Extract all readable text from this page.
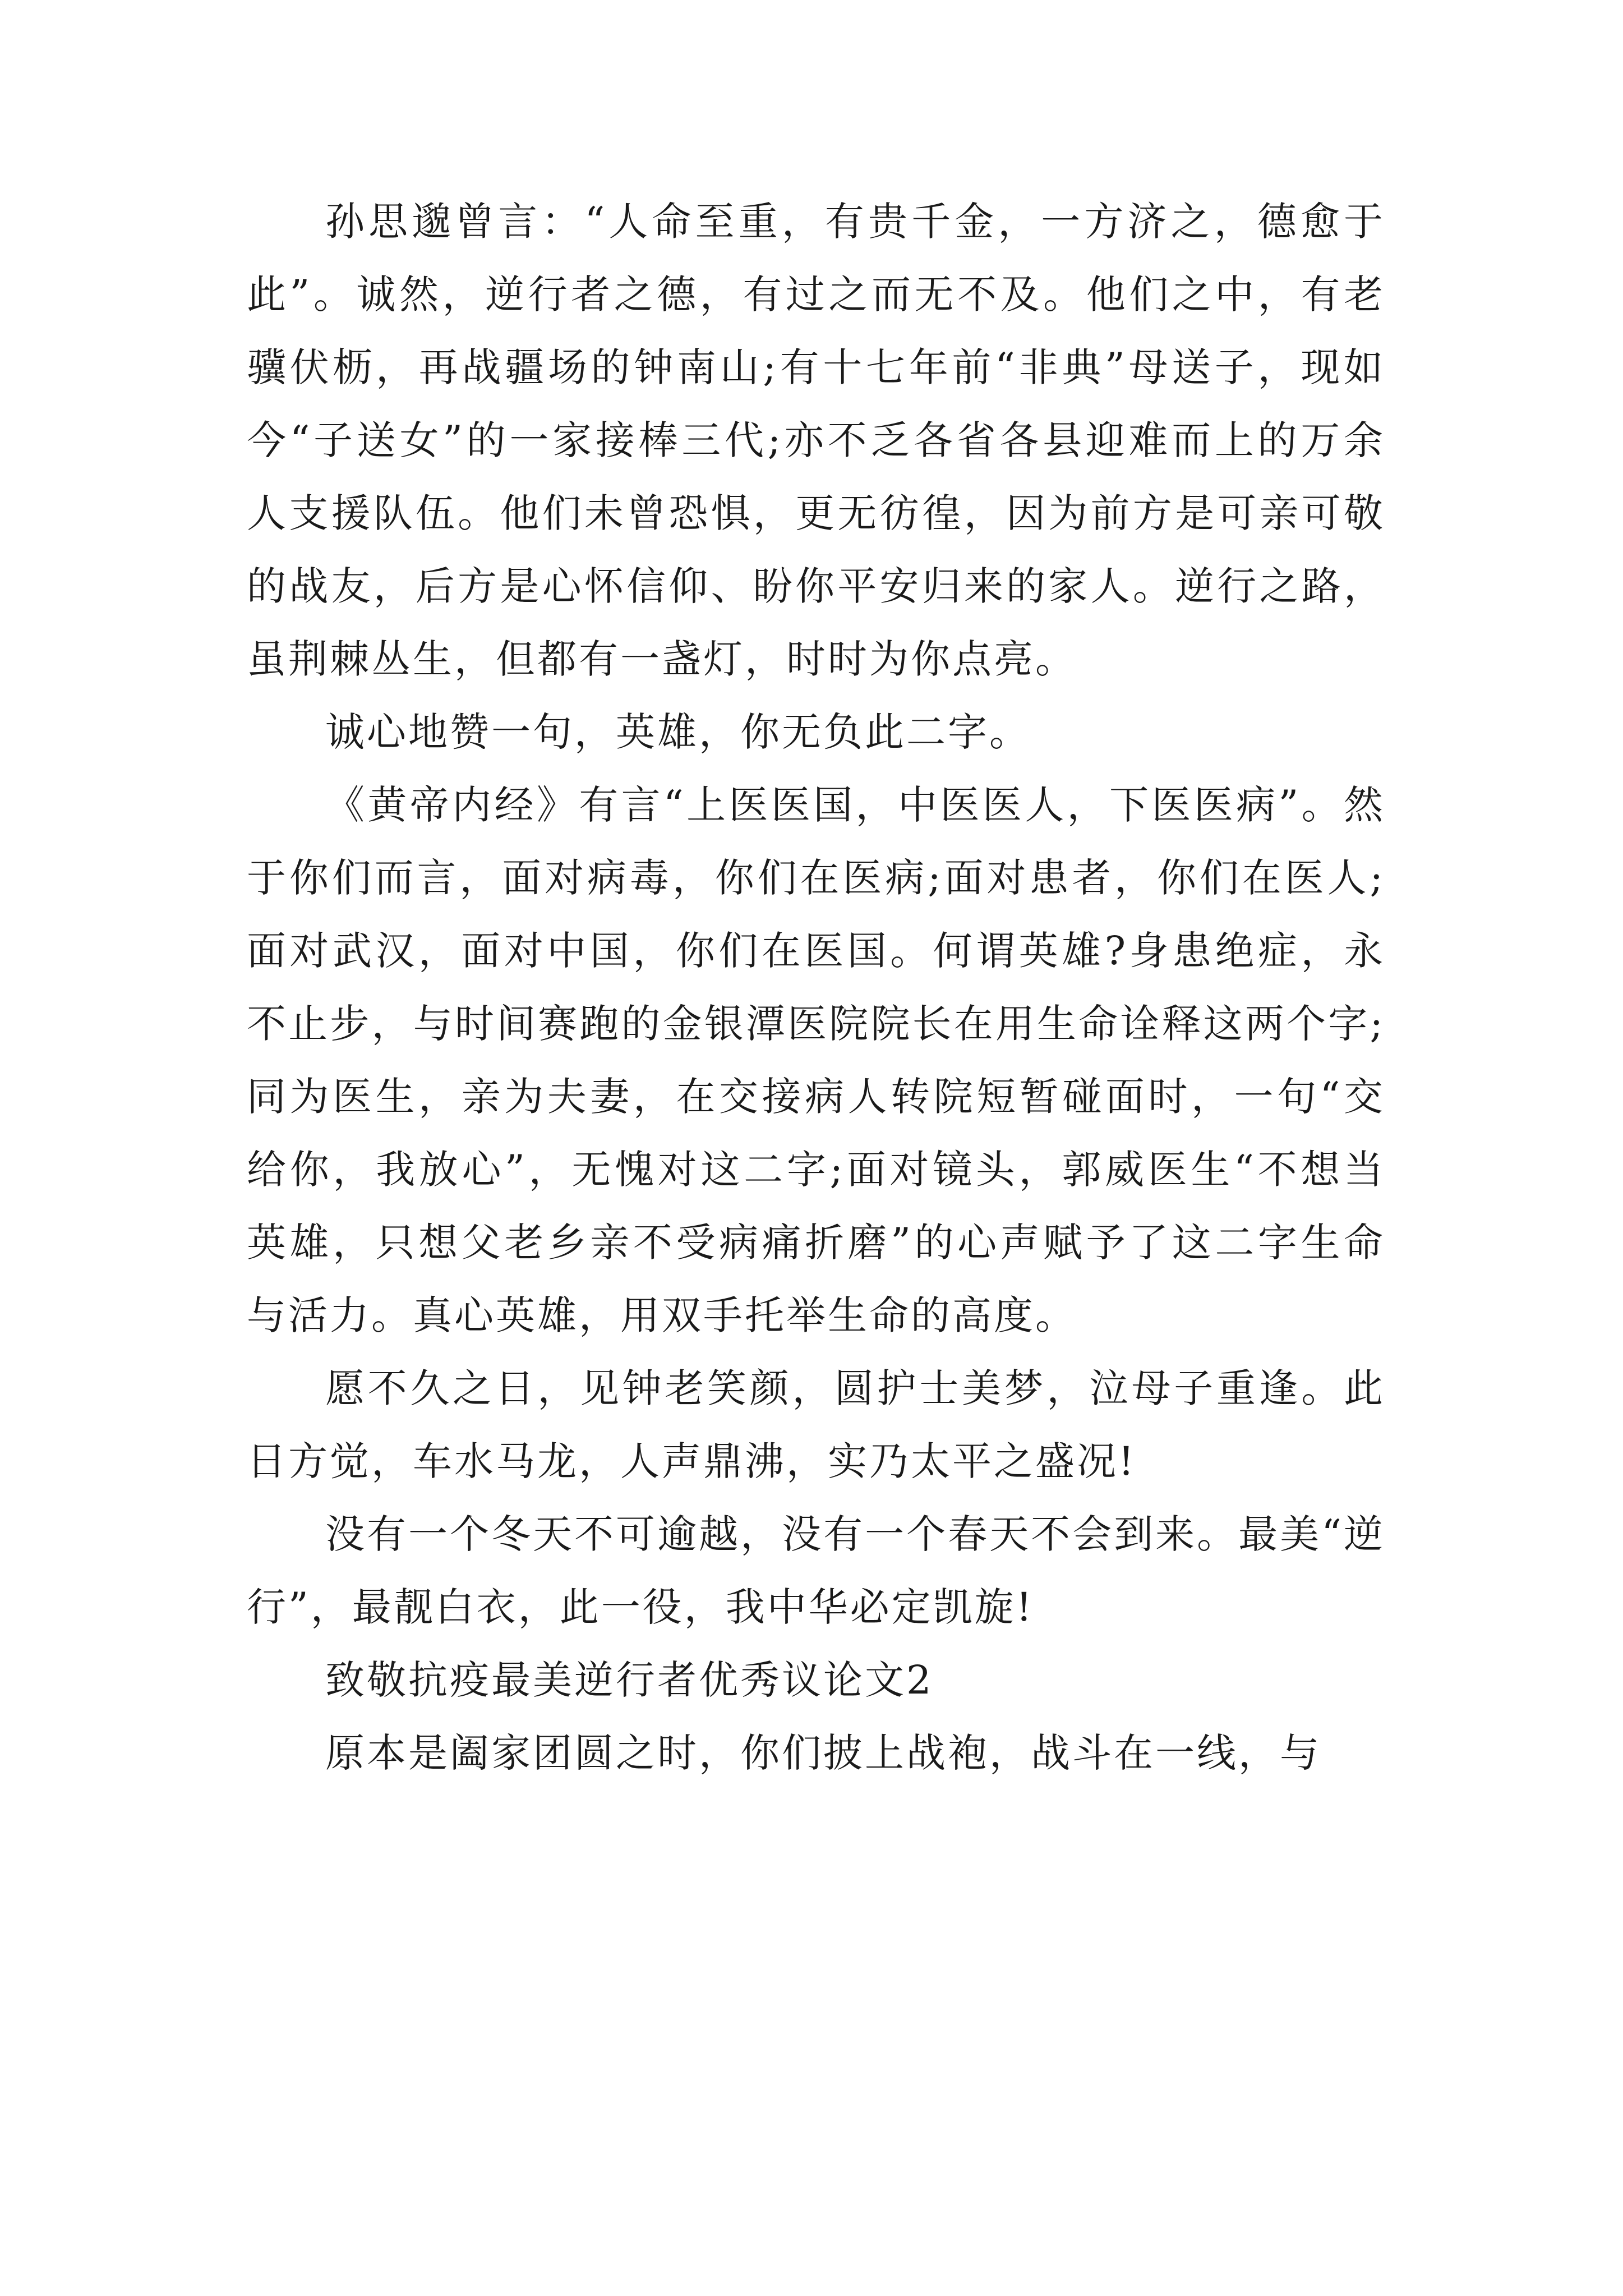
孙思邈曾言：“人命至重，有贵千金，一方济之，德愈于此”。诚然，逆行者之德，有过之而无不及。他们之中，有老骥伏枥，再战疆场的钟南山;有十七年前“非典”母送子，现如今“子送女”的一家接棒三代;亦不乏各省各县迎难而上的万余人支援队伍。他们未曾恐惧，更无彷徨，因为前方是可亲可敬的战友，后方是心怀信仰、盼你平安归来的家人。逆行之路，虽荆棘丛生，但都有一盏灯，时时为你点亮。

诚心地赞一句，英雄，你无负此二字。

《黄帝内经》有言“上医医国，中医医人，下医医病”。然于你们而言，面对病毒，你们在医病;面对患者，你们在医人;面对武汉，面对中国，你们在医国。何谓英雄?身患绝症，永不止步，与时间赛跑的金银潭医院院长在用生命诠释这两个字;同为医生，亲为夫妻，在交接病人转院短暂碰面时，一句“交给你，我放心”，无愧对这二字;面对镜头，郭威医生“不想当英雄，只想父老乡亲不受病痛折磨”的心声赋予了这二字生命与活力。真心英雄，用双手托举生命的高度。

愿不久之日，见钟老笑颜，圆护士美梦，泣母子重逢。此日方觉，车水马龙，人声鼎沸，实乃太平之盛况!

没有一个冬天不可逾越，没有一个春天不会到来。最美“逆行”，最靓白衣，此一役，我中华必定凯旋!

致敬抗疫最美逆行者优秀议论文2

原本是阖家团圆之时，你们披上战袍，战斗在一线，与
